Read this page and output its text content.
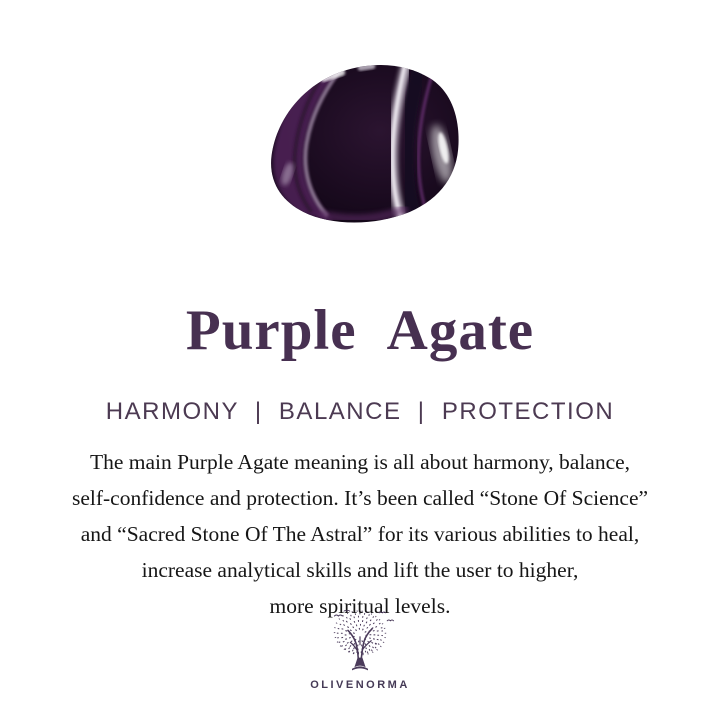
Purple Agate
HARMONY  |  BALANCE  |  PROTECTION
The main Purple Agate meaning is all about harmony, balance,
self-confidence and protection. It’s been called “Stone Of Science”
and “Sacred Stone Of The Astral” for its various abilities to heal,
increase analytical skills and lift the user to higher,
more spiritual levels.
OLIVENORMA
